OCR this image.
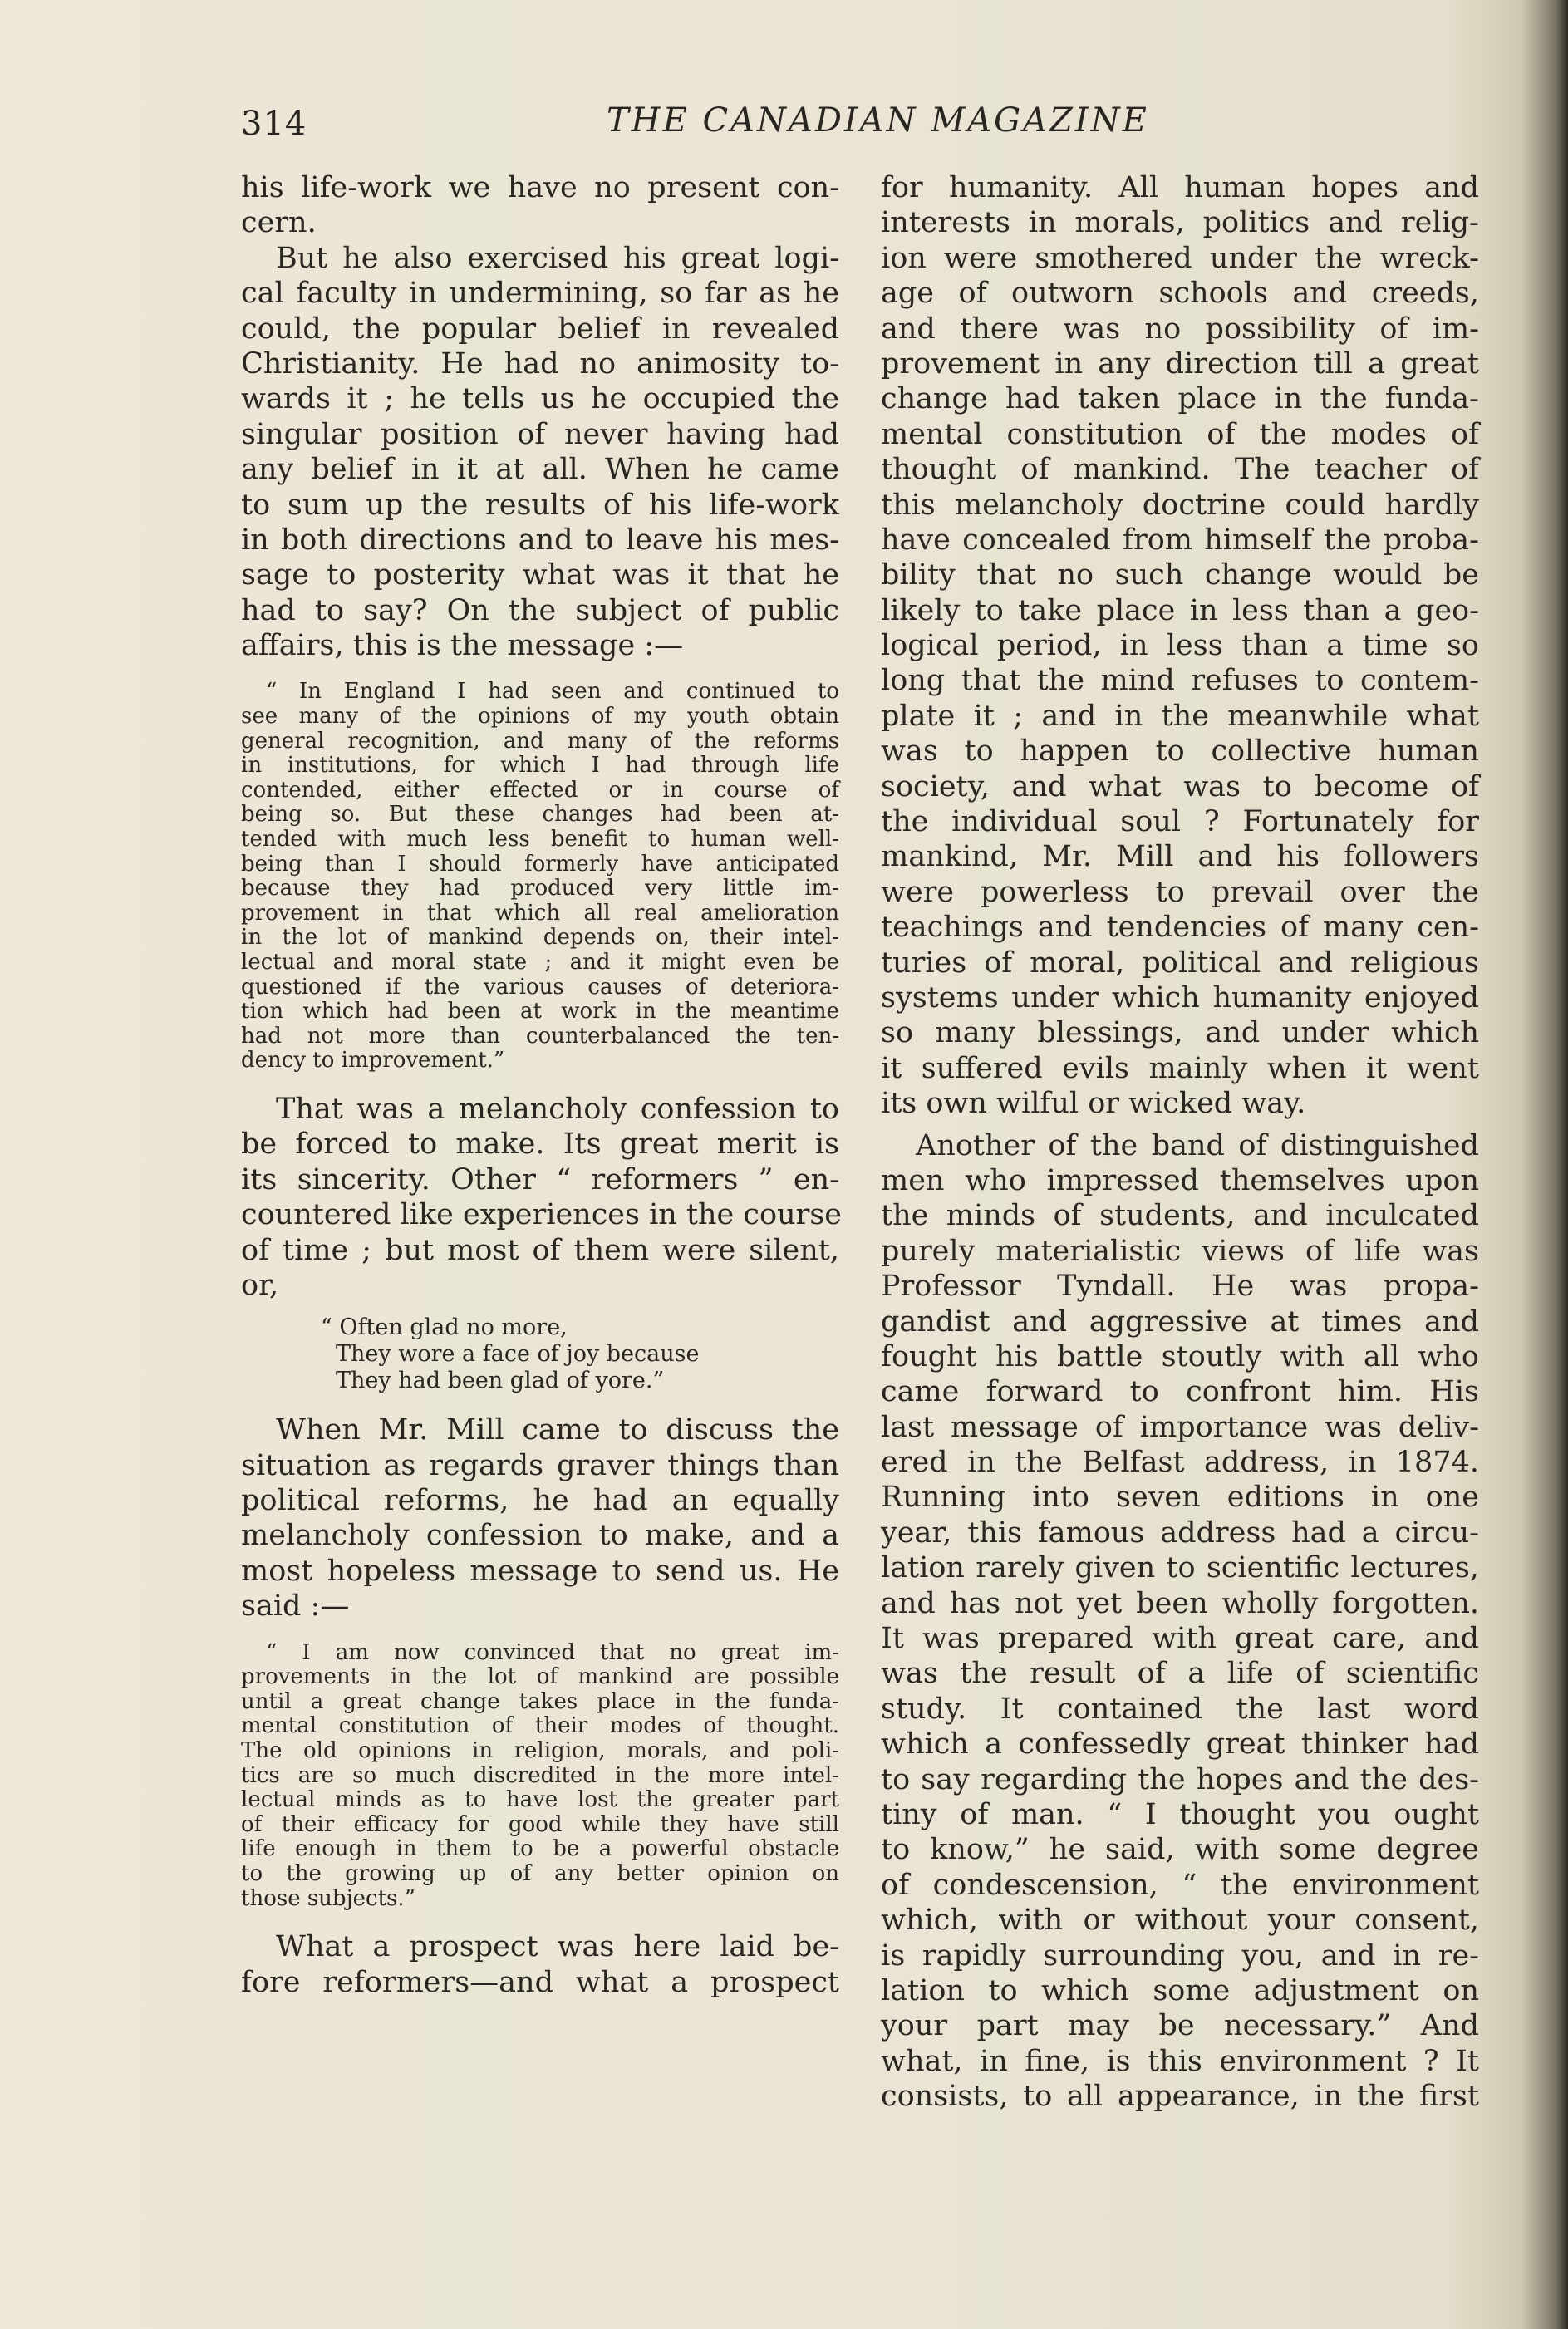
314	THE CANADIAN MAGAZINE
his life-work we have no present con-
cern.
But he also exercised his great logi-
cal faculty in undermining, so far as he
could, the popular belief in revealed
Christianity. He had no animosity to-
wards it ; he tells us he occupied the
singular position of never having had
any belief in it at all. When he came
to sum up the results of his life-work
in both directions and to leave his mes-
sage to posterity what was it that he
had to say? On the subject of public
affairs, this is the message :—
“ In England I had seen and continued to
see many of the opinions of my youth obtain
general recognition, and many of the reforms
in institutions, for which I had through life
contended, either effected or in course of
being so. But these changes had been at-
tended with much less benefit to human well-
being than I should formerly have anticipated
because they had produced very little im-
provement in that which all real amelioration
in the lot of mankind depends on, their intel-
lectual and moral state ; and it might even be
questioned if the various causes of deteriora-
tion which had been at work in the meantime
had not more than counterbalanced the ten-
dency to improvement.”
That was a melancholy confession to
be forced to make. Its great merit is
its sincerity. Other “ reformers ” en-
countered like experiences in the course
of time ; but most of them were silent,
or,
“ Often glad no more,
They wore a face of joy because
They had been glad of yore.”
When Mr. Mill came to discuss the
situation as regards graver things than
political reforms, he had an equally
melancholy confession to make, and a
most hopeless message to send us. He
said :—
“ I am now convinced that no great im-
provements in the lot of mankind are possible
until a great change takes place in the funda-
mental constitution of their modes of thought.
The old opinions in religion, morals, and poli-
tics are so much discredited in the more intel-
lectual minds as to have lost the greater part
of their efficacy for good while they have still
life enough in them to be a powerful obstacle
to the growing up of any better opinion on
those subjects.”
What a prospect was here laid be-
fore reformers—and what a prospect
for humanity. All human hopes and
interests in morals, politics and relig-
ion were smothered under the wreck-
age of outworn schools and creeds,
and there was no possibility of im-
provement in any direction till a great
change had taken place in the funda-
mental constitution of the modes of
thought of mankind. The teacher of
this melancholy doctrine could hardly
have concealed from himself the proba-
bility that no such change would be
likely to take place in less than a geo-
logical period, in less than a time so
long that the mind refuses to contem-
plate it ; and in the meanwhile what
was to happen to collective human
society, and what was to become of
the individual soul ? Fortunately for
mankind, Mr. Mill and his followers
were powerless to prevail over the
teachings and tendencies of many cen-
turies of moral, political and religious
systems under which humanity enjoyed
so many blessings, and under which
it suffered evils mainly when it went
its own wilful or wicked way.
Another of the band of distinguished
men who impressed themselves upon
the minds of students, and inculcated
purely materialistic views of life was
Professor Tyndall. He was propa-
gandist and aggressive at times and
fought his battle stoutly with all who
came forward to confront him. His
last message of importance was deliv-
ered in the Belfast address, in 1874.
Running into seven editions in one
year, this famous address had a circu-
lation rarely given to scientific lectures,
and has not yet been wholly forgotten.
It was prepared with great care, and
was the result of a life of scientific
study. It contained the last word
which a confessedly great thinker had
to say regarding the hopes and the des-
tiny of man. “ I thought you ought
to know,” he said, with some degree
of condescension, “ the environment
which, with or without your consent,
is rapidly surrounding you, and in re-
lation to which some adjustment on
your part may be necessary.” And
what, in fine, is this environment ? It
consists, to all appearance, in the first
